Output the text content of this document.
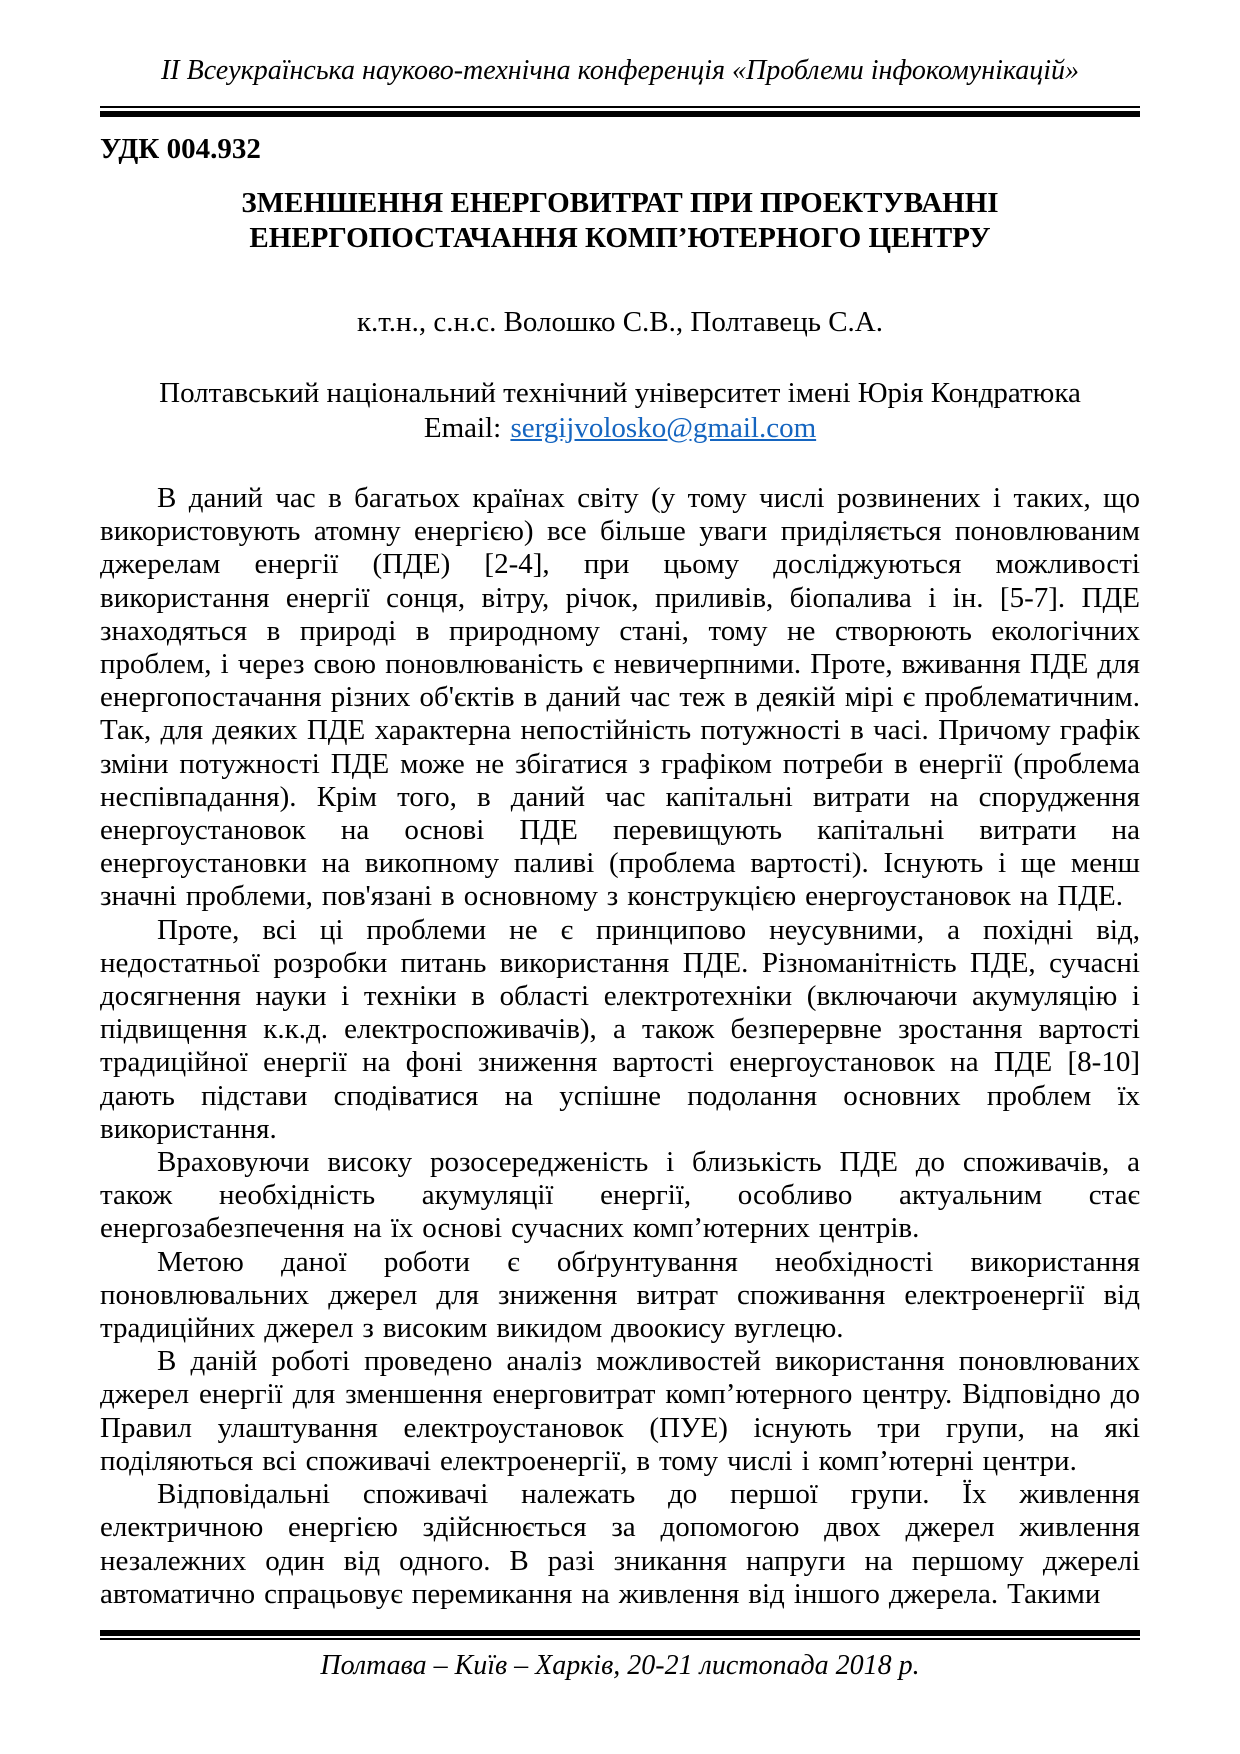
ІІ Всеукраїнська науково-технічна конференція «Проблеми інфокомунікацій»
УДК 004.932
ЗМЕНШЕННЯ ЕНЕРГОВИТРАТ ПРИ ПРОЕКТУВАННІ ЕНЕРГОПОСТАЧАННЯ КОМП’ЮТЕРНОГО ЦЕНТРУ
к.т.н., с.н.с. Волошко С.В., Полтавець С.А.
Полтавський національний технічний університет імені Юрія Кондратюка
Email: sergijvolosko@gmail.com

В даний час в багатьох країнах світу (у тому числі розвинених і таких, що використовують атомну енергією) все більше уваги приділяється поновлюваним джерелам енергії (ПДЕ) [2-4], при цьому досліджуються можливості використання енергії сонця, вітру, річок, приливів, біопалива і ін. [5-7]. ПДЕ знаходяться в природі в природному стані, тому не створюють екологічних проблем, і через свою поновлюваність є невичерпними. Проте, вживання ПДЕ для енергопостачання різних об'єктів в даний час теж в деякій мірі є проблематичним. Так, для деяких ПДЕ характерна непостійність потужності в часі. Причому графік зміни потужності ПДЕ може не збігатися з графіком потреби в енергії (проблема неспівпадання). Крім того, в даний час капітальні витрати на спорудження енергоустановок на основі ПДЕ перевищують капітальні витрати на енергоустановки на викопному паливі (проблема вартості). Існують і ще менш значні проблеми, пов'язані в основному з конструкцією енергоустановок на ПДЕ.

Проте, всі ці проблеми не є принципово неусувними, а похідні від, недостатньої розробки питань використання ПДЕ. Різноманітність ПДЕ, сучасні досягнення науки і техніки в області електротехніки (включаючи акумуляцію і підвищення к.к.д. електроспоживачів), а також безперервне зростання вартості традиційної енергії на фоні зниження вартості енергоустановок на ПДЕ [8-10] дають підстави сподіватися на успішне подолання основних проблем їх використання.

Враховуючи високу розосередженість і близькість ПДЕ до споживачів, а також необхідність акумуляції енергії, особливо актуальним стає енергозабезпечення на їх основі сучасних комп’ютерних центрів.

Метою даної роботи є обґрунтування необхідності використання поновлювальних джерел для зниження витрат споживання електроенергії від традиційних джерел з високим викидом двоокису вуглецю.

В даній роботі проведено аналіз можливостей використання поновлюваних джерел енергії для зменшення енерговитрат комп’ютерного центру. Відповідно до Правил улаштування електроустановок (ПУЕ) існують три групи, на які поділяються всі споживачі електроенергії, в тому числі і комп’ютерні центри.

Відповідальні споживачі належать до першої групи. Їх живлення електричною енергією здійснюється за допомогою двох джерел живлення незалежних один від одного. В разі зникання напруги на першому джерелі автоматично спрацьовує перемикання на живлення від іншого джерела. Такими

Полтава – Київ – Харків, 20-21 листопада 2018 р.
